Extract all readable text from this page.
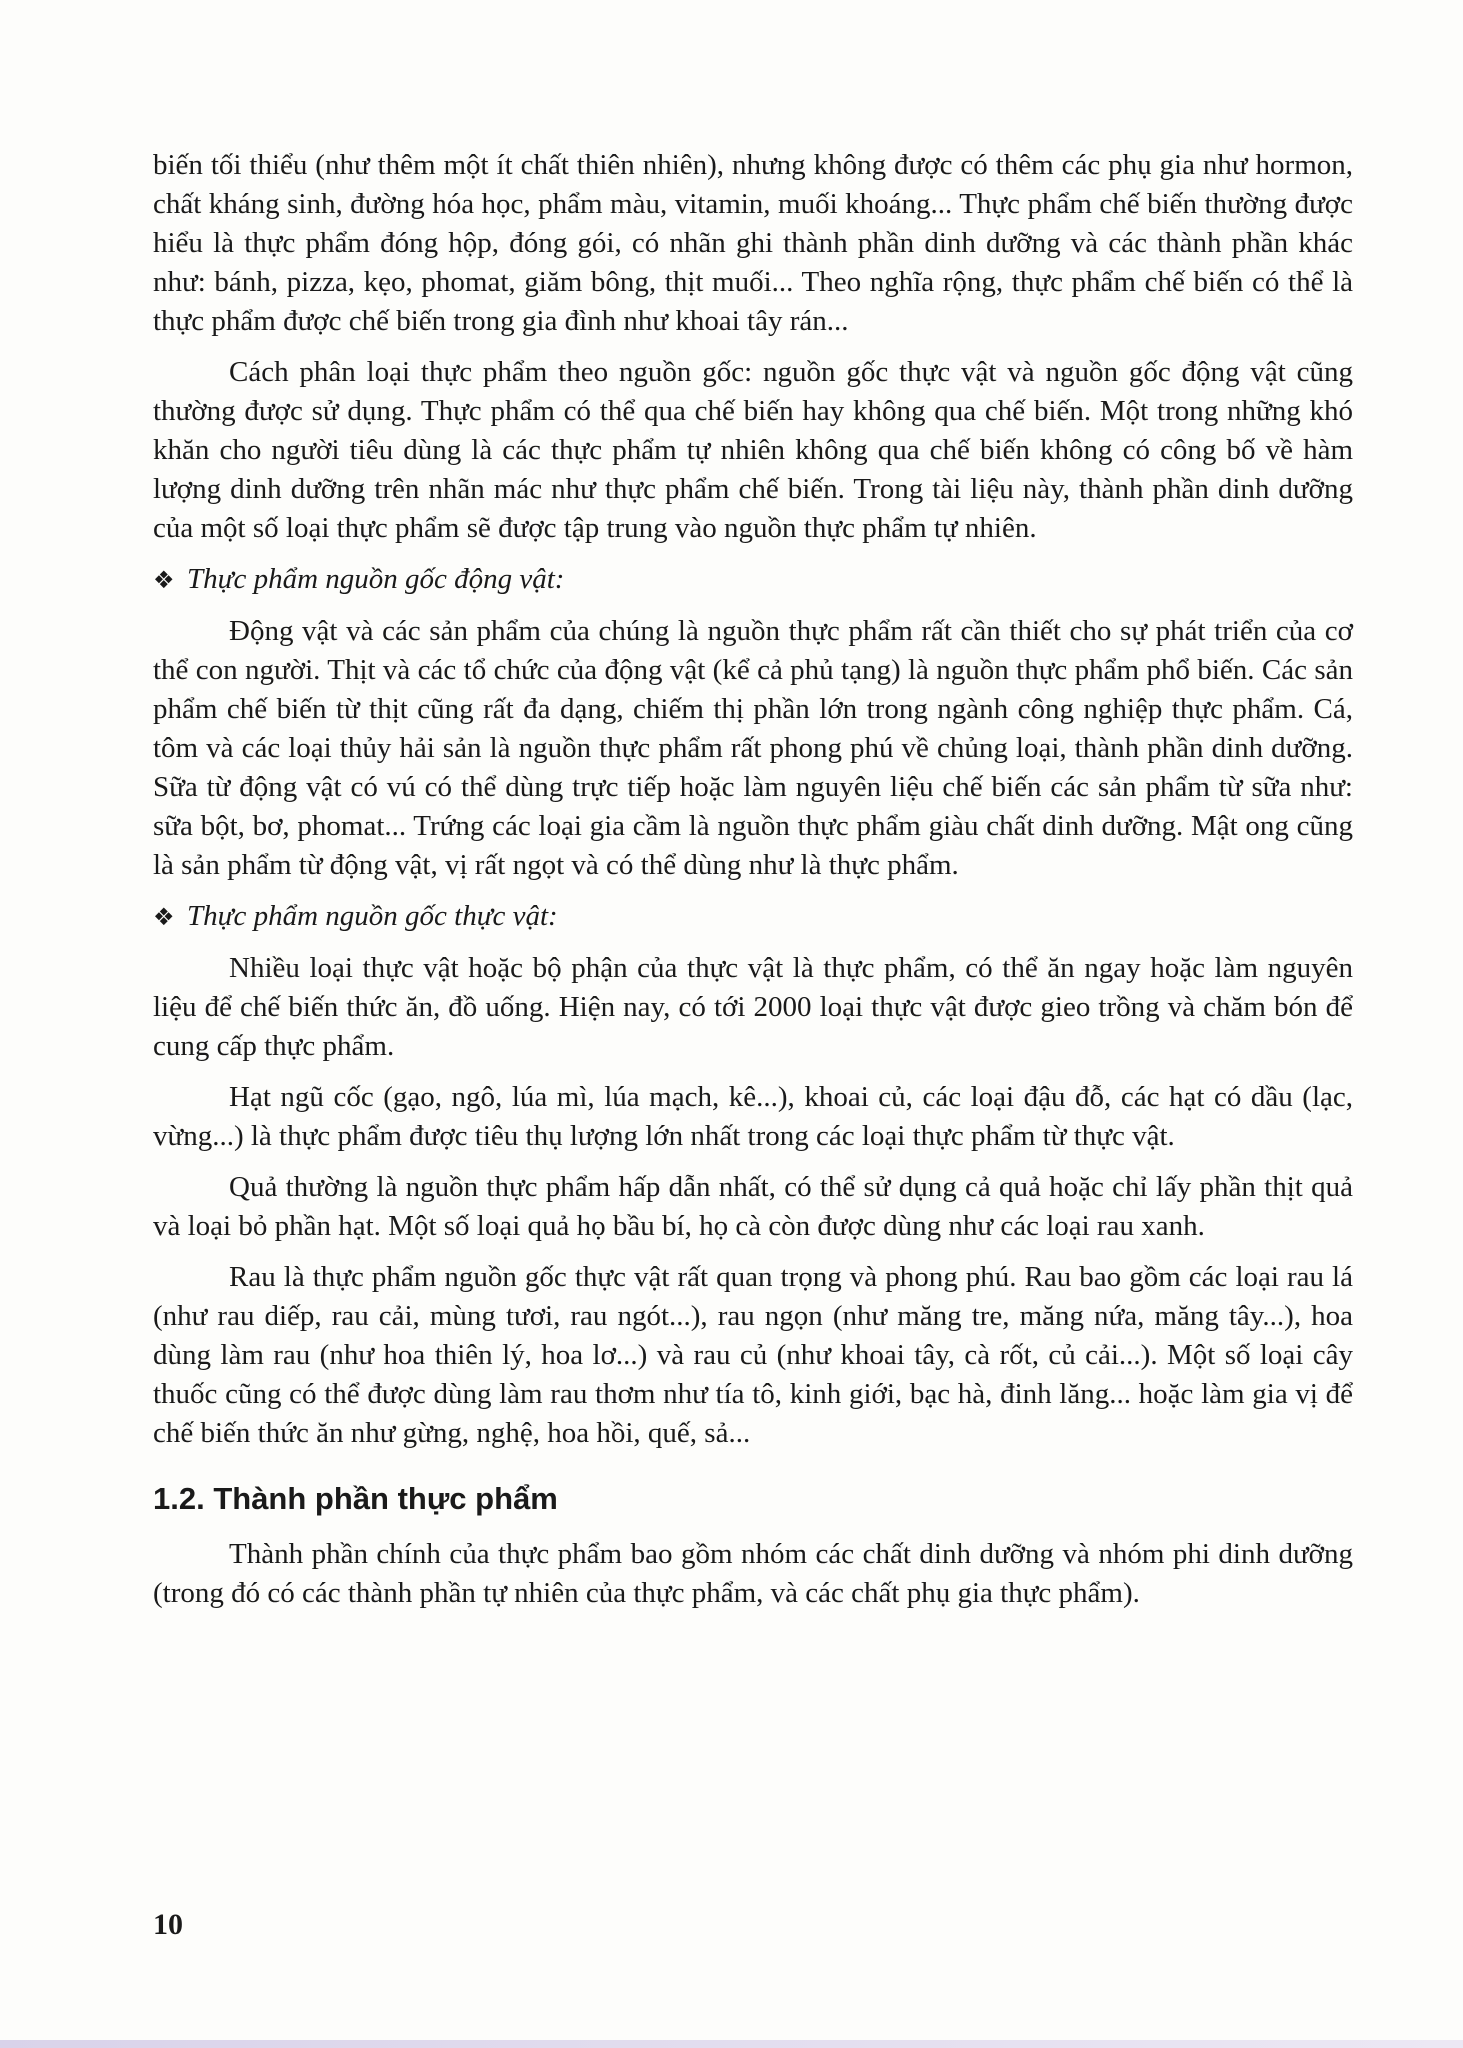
biến tối thiểu (như thêm một ít chất thiên nhiên), nhưng không được có thêm các phụ gia như hormon, chất kháng sinh, đường hóa học, phẩm màu, vitamin, muối khoáng... Thực phẩm chế biến thường được hiểu là thực phẩm đóng hộp, đóng gói, có nhãn ghi thành phần dinh dưỡng và các thành phần khác như: bánh, pizza, kẹo, phomat, giăm bông, thịt muối... Theo nghĩa rộng, thực phẩm chế biến có thể là thực phẩm được chế biến trong gia đình như khoai tây rán...

Cách phân loại thực phẩm theo nguồn gốc: nguồn gốc thực vật và nguồn gốc động vật cũng thường được sử dụng. Thực phẩm có thể qua chế biến hay không qua chế biến. Một trong những khó khăn cho người tiêu dùng là các thực phẩm tự nhiên không qua chế biến không có công bố về hàm lượng dinh dưỡng trên nhãn mác như thực phẩm chế biến. Trong tài liệu này, thành phần dinh dưỡng của một số loại thực phẩm sẽ được tập trung vào nguồn thực phẩm tự nhiên.

❖ Thực phẩm nguồn gốc động vật:

Động vật và các sản phẩm của chúng là nguồn thực phẩm rất cần thiết cho sự phát triển của cơ thể con người. Thịt và các tổ chức của động vật (kể cả phủ tạng) là nguồn thực phẩm phổ biến. Các sản phẩm chế biến từ thịt cũng rất đa dạng, chiếm thị phần lớn trong ngành công nghiệp thực phẩm. Cá, tôm và các loại thủy hải sản là nguồn thực phẩm rất phong phú về chủng loại, thành phần dinh dưỡng. Sữa từ động vật có vú có thể dùng trực tiếp hoặc làm nguyên liệu chế biến các sản phẩm từ sữa như: sữa bột, bơ, phomat... Trứng các loại gia cầm là nguồn thực phẩm giàu chất dinh dưỡng. Mật ong cũng là sản phẩm từ động vật, vị rất ngọt và có thể dùng như là thực phẩm.

❖ Thực phẩm nguồn gốc thực vật:

Nhiều loại thực vật hoặc bộ phận của thực vật là thực phẩm, có thể ăn ngay hoặc làm nguyên liệu để chế biến thức ăn, đồ uống. Hiện nay, có tới 2000 loại thực vật được gieo trồng và chăm bón để cung cấp thực phẩm.

Hạt ngũ cốc (gạo, ngô, lúa mì, lúa mạch, kê...), khoai củ, các loại đậu đỗ, các hạt có dầu (lạc, vừng...) là thực phẩm được tiêu thụ lượng lớn nhất trong các loại thực phẩm từ thực vật.

Quả thường là nguồn thực phẩm hấp dẫn nhất, có thể sử dụng cả quả hoặc chỉ lấy phần thịt quả và loại bỏ phần hạt. Một số loại quả họ bầu bí, họ cà còn được dùng như các loại rau xanh.

Rau là thực phẩm nguồn gốc thực vật rất quan trọng và phong phú. Rau bao gồm các loại rau lá (như rau diếp, rau cải, mùng tươi, rau ngót...), rau ngọn (như măng tre, măng nứa, măng tây...), hoa dùng làm rau (như hoa thiên lý, hoa lơ...) và rau củ (như khoai tây, cà rốt, củ cải...). Một số loại cây thuốc cũng có thể được dùng làm rau thơm như tía tô, kinh giới, bạc hà, đinh lăng... hoặc làm gia vị để chế biến thức ăn như gừng, nghệ, hoa hồi, quế, sả...

1.2. Thành phần thực phẩm

Thành phần chính của thực phẩm bao gồm nhóm các chất dinh dưỡng và nhóm phi dinh dưỡng (trong đó có các thành phần tự nhiên của thực phẩm, và các chất phụ gia thực phẩm).

10
